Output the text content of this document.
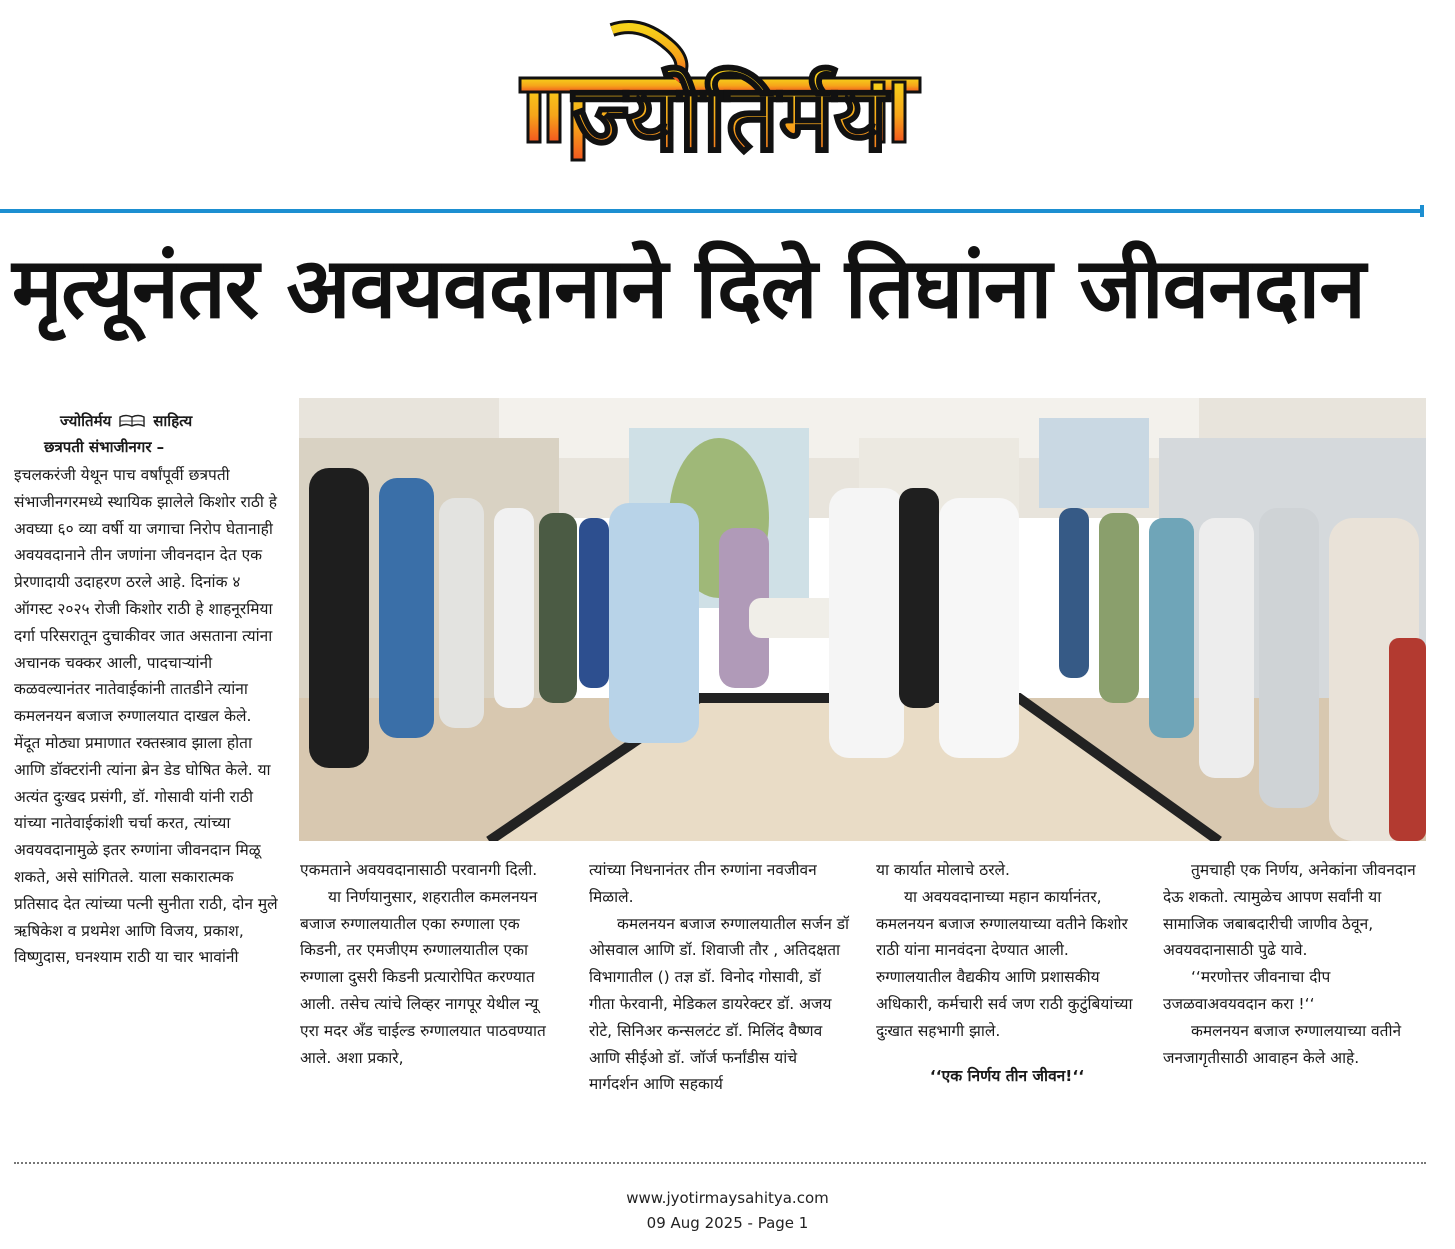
ज्योतिर्मय
मृत्यूनंतर अवयवदानाने दिले तिघांना जीवनदान
ज्योतिर्मय	साहित्य
छत्रपती संभाजीनगर –

इचलकरंजी येथून पाच वर्षांपूर्वी छत्रपती संभाजीनगरमध्ये स्थायिक झालेले किशोर राठी हे अवघ्या ६० व्या वर्षी या जगाचा निरोप घेतानाही अवयवदानाने तीन जणांना जीवनदान देत एक प्रेरणादायी उदाहरण ठरले आहे. दिनांक ४ ऑगस्ट २०२५ रोजी किशोर राठी हे शाहनूरमिया दर्गा परिसरातून दुचाकीवर जात असताना त्यांना अचानक चक्कर आली, पादचाऱ्यांनी कळवल्यानंतर नातेवाईकांनी तातडीने त्यांना कमलनयन बजाज रुग्णालयात दाखल केले. मेंदूत मोठ्या प्रमाणात रक्तस्त्राव झाला होता आणि डॉक्टरांनी त्यांना ब्रेन डेड घोषित केले. या अत्यंत दुःखद प्रसंगी, डॉ. गोसावी यांनी राठी यांच्या नातेवाईकांशी चर्चा करत, त्यांच्या अवयवदानामुळे इतर रुग्णांना जीवनदान मिळू शकते, असे सांगितले. याला सकारात्मक प्रतिसाद देत त्यांच्या पत्नी सुनीता राठी, दोन मुले ऋषिकेश व प्रथमेश आणि विजय, प्रकाश, विष्णुदास, घनश्याम राठी या चार भावांनी

एकमताने अवयवदानासाठी परवानगी दिली.

या निर्णयानुसार, शहरातील कमलनयन बजाज रुग्णालयातील एका रुग्णाला एक किडनी, तर एमजीएम रुग्णालयातील एका रुग्णाला दुसरी किडनी प्रत्यारोपित करण्यात आली. तसेच त्यांचे लिव्हर नागपूर येथील न्यू एरा मदर अँड चाईल्ड रुग्णालयात पाठवण्यात आले. अशा प्रकारे,

त्यांच्या निधनानंतर तीन रुग्णांना नवजीवन मिळाले.

कमलनयन बजाज रुग्णालयातील सर्जन डॉ ओसवाल आणि डॉ. शिवाजी तौर , अतिदक्षता विभागातील () तज्ञ डॉ. विनोद गोसावी, डॉ गीता फेरवानी, मेडिकल डायरेक्टर डॉ. अजय रोटे, सिनिअर कन्सलटंट डॉ. मिलिंद वैष्णव आणि सीईओ डॉ. जॉर्ज फर्नांडीस यांचे मार्गदर्शन आणि सहकार्य

या कार्यात मोलाचे ठरले.

या अवयवदानाच्या महान कार्यानंतर, कमलनयन बजाज रुग्णालयाच्या वतीने किशोर राठी यांना मानवंदना देण्यात आली. रुग्णालयातील वैद्यकीय आणि प्रशासकीय अधिकारी, कर्मचारी सर्व जण राठी कुटुंबियांच्या दुःखात सहभागी झाले.

‘‘एक निर्णय तीन जीवन!‘‘

तुमचाही एक निर्णय, अनेकांना जीवनदान देऊ शकतो. त्यामुळेच आपण सर्वांनी या सामाजिक जबाबदारीची जाणीव ठेवून, अवयवदानासाठी पुढे यावे.

‘‘मरणोत्तर जीवनाचा दीप उजळवाअवयवदान करा !‘‘

कमलनयन बजाज रुग्णालयाच्या वतीने जनजागृतीसाठी आवाहन केले आहे.

www.jyotirmaysahitya.com
09 Aug 2025 - Page 1
